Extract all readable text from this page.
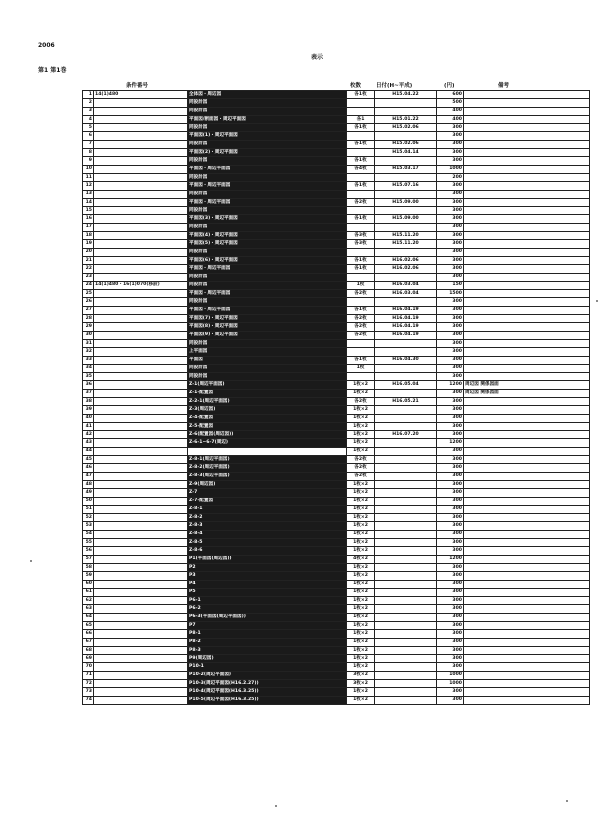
2006
表示
第1 第1巻
条件番号	枚数	日付(H~平成)	(円)	備考
1	14(1)480	全体図・周辺図	各1枚	H15.04.22	600	
2		同設計図			500	
3		同設計図			400	
4		平面図/断面図・周辺平面図	各1	H15.01.22	400	
5		同設計図	各1枚	H15.02.06	300	
6		平面図(1)・周辺平面図			300	
7		同設計図	各1枚	H15.02.06	300	
8		平面図(2)・周辺平面図		H15.04.14	300	
9		同設計図	各1枚		300	
10		平面図・周辺平面図	各4枚	H15.03.17	1000	
11		同設計図			200	
12		平面図・周辺平面図	各1枚	H15.07.16	300	
13		同設計図			300	
14		平面図・周辺平面図	各2枚	H15.09.00	300	
15		同設計図			300	
16		平面図(3)・周辺平面図	各1枚	H15.09.00	300	
17		同設計図			300	
18		平面図(4)・周辺平面図	各3枚	H15.11.20	300	
19		平面図(5)・周辺平面図	各3枚	H15.11.20	300	
20		同設計図			300	
21		平面図(6)・周辺平面図	各1枚	H16.02.06	300	
22		平面図・周辺平面図	各1枚	H16.02.06	300	
23		同設計図			300	
24	14(1)480・16(1)070(移設)	同設計図	1枚	H16.03.04	150	
25		平面図・周辺平面図	各2枚	H16.03.04	1500	
26		同設計図			300	
27		平面図・周辺平面図	各1枚	H16.04.19	300	
28		平面図(7)・周辺平面図	各2枚	H16.04.19	300	
29		平面図(8)・周辺平面図	各2枚	H16.04.19	300	
30		平面図(9)・周辺平面図	各2枚	H16.04.19	300	
31		同設計図			300	
32		上平面図			300	
33		平面図	各1枚	H16.04.30	300	
34		同設計図	1枚		300	
35		同設計図			300	
36		Z-1(周辺平面図)	1枚×2	H16.05.04	1200	周辺図 関係図面
37		Z-1-配置図	1枚×2		300	周辺図 関係図面
38		Z-2-1(周辺平面図)	各2枚	H16.05.21	300	
39		Z-3(周辺図)	1枚×2		300	
40		Z-4-配置図	1枚×2		300	
41		Z-5-配置図	1枚×2		300	
42		Z-6(配置図(周辺図))	1枚×2	H16.07.20	300	
43		Z-6-1~6-7(周辺)	1枚×2		1200	
44			1枚×2		300	
45		Z-8-1(周辺平面図)	各2枚		300	
46		Z-8-2(周辺平面図)	各2枚		300	
47		Z-8-3(周辺平面図)	各2枚		300	
48		Z-9(周辺図)	1枚×2		300	
49		Z-7	1枚×2		300	
50		Z-7-配置図	1枚×2		300	
51		Z-8-1	1枚×2		300	
52		Z-8-2	1枚×2		300	
53		Z-8-3	1枚×2		300	
54		Z-8-4	1枚×2		300	
55		Z-8-5	1枚×2		300	
56		Z-8-6	1枚×2		300	
57		P1(平面図(周辺図))	4枚×2		1200	
58		P2	1枚×2		300	
59		P3	1枚×2		300	
60		P4	1枚×2		300	
61		P5	1枚×2		300	
62		P6-1	1枚×2		300	
63		P6-2	1枚×2		300	
64		P6-3(平面図(周辺平面図))	1枚×2		300	
65		P7	1枚×2		300	
66		P8-1	1枚×2		300	
67		P8-2	1枚×2		300	
68		P8-3	1枚×2		300	
69		P9(周辺図)	1枚×2		300	
70		P10-1	1枚×2		300	
71		P10-2(周辺平面図)	3枚×2		1000	
72		P10-3(周辺平面図(H16.2.27))	3枚×2		1000	
73		P10-4(周辺平面図(H16.3.25))	1枚×2		300	
74		P10-5(周辺平面図(H16.3.25))	1枚×2		300	
